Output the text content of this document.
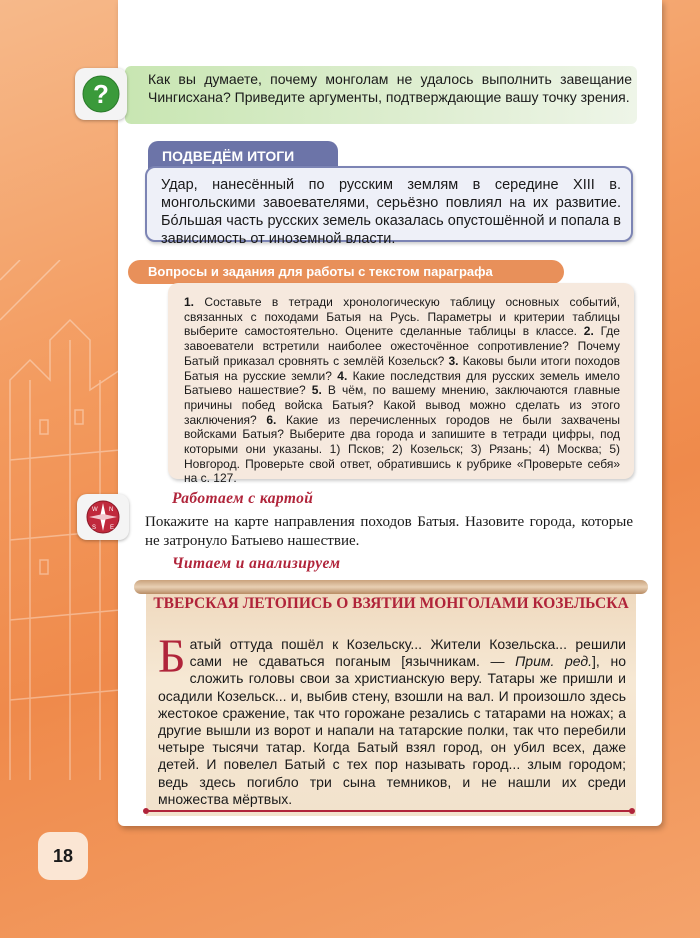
?	Как вы думаете, почему монголам не удалось выполнить завещание Чингисхана? Приведите аргументы, подтверждающие вашу точку зрения.

ПОДВЕДЁМ ИТОГИ
Удар, нанесённый по русским землям в середине XIII в. монгольскими завоевателями, серьёзно повлиял на их развитие. Бóльшая часть русских земель оказалась опустошённой и попала в зависимость от иноземной власти.
Вопросы и задания для работы с текстом параграфа
1. Составьте в тетради хронологическую таблицу основных событий, связанных с походами Батыя на Русь. Параметры и критерии таблицы выберите самостоятельно. Оцените сделанные таблицы в классе. 2. Где завоеватели встретили наиболее ожесточённое сопротивление? Почему Батый приказал сровнять с землёй Козельск? 3. Каковы были итоги походов Батыя на русские земли? 4. Какие последствия для русских земель имело Батыево нашествие? 5. В чём, по вашему мнению, заключаются главные причины побед войска Батыя? Какой вывод можно сделать из этого заключения? 6. Какие из перечисленных городов не были захвачены войсками Батыя? Выберите два города и запишите в тетради цифры, под которыми они указаны. 1) Псков; 2) Козельск; 3) Рязань; 4) Москва; 5) Новгород. Проверьте свой ответ, обратившись к рубрике «Проверьте себя» на с. 127.
N
W
S E

Работаем с картой

Покажите на карте направления походов Батыя. Назовите города, которые не затронуло Батыево нашествие.

Читаем и анализируем

ТВЕРСКАЯ ЛЕТОПИСЬ О ВЗЯТИИ МОНГОЛАМИ КОЗЕЛЬСКА

Батый оттуда пошёл к Козельску... Жители Козельска... решили сами не сдаваться поганым [язычникам. — Прим. ред.], но сложить головы свои за христианскую веру. Татары же пришли и осадили Козельск... и, выбив стену, взошли на вал. И произошло здесь жестокое сражение, так что горожане резались с татарами на ножах; а другие вышли из ворот и напали на татарские полки, так что перебили четыре тысячи татар. Когда Батый взял город, он убил всех, даже детей. И повелел Батый с тех пор называть город... злым городом; ведь здесь погибло три сына темников, и не нашли их среди множества мёртвых.

18
